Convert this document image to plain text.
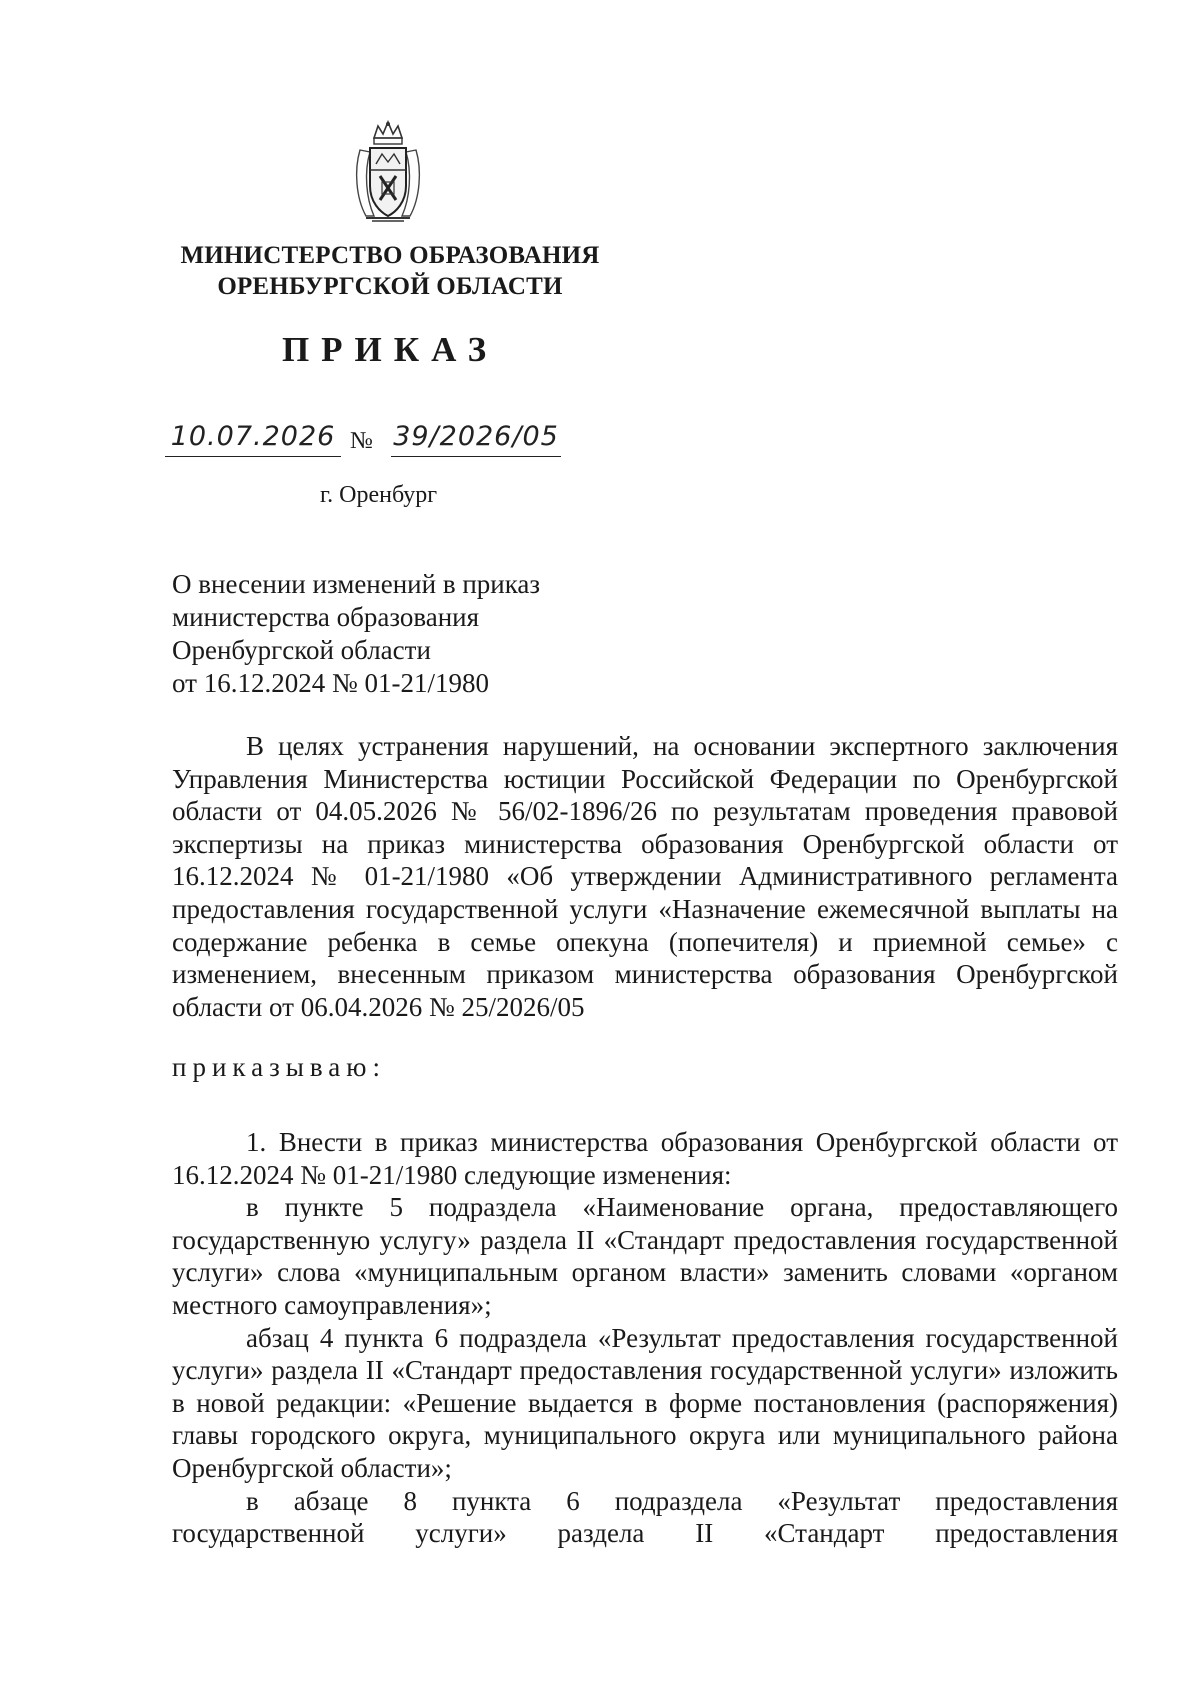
МИНИСТЕРСТВО ОБРАЗОВАНИЯ
ОРЕНБУРГСКОЙ ОБЛАСТИ
ПРИКАЗ
10.07.2026 № 39/2026/05
г. Оренбург
О внесении изменений в приказ
министерства образования
Оренбургской области
от 16.12.2024 № 01-21/1980

В целях устранения нарушений, на основании экспертного заключения Управления Министерства юстиции Российской Федерации по Оренбургской области от 04.05.2026 № 56/02-1896/26 по результатам проведения правовой экспертизы на приказ министерства образования Оренбургской области от 16.12.2024 № 01-21/1980 «Об утверждении Административного регламента предоставления государственной услуги «Назначение ежемесячной выплаты на содержание ребенка в семье опекуна (попечителя) и приемной семье» с изменением, внесенным приказом министерства образования Оренбургской области от 06.04.2026 № 25/2026/05

приказываю:

1. Внести в приказ министерства образования Оренбургской области от 16.12.2024 № 01-21/1980 следующие изменения:

в пункте 5 подраздела «Наименование органа, предоставляющего государственную услугу» раздела II «Стандарт предоставления государственной услуги» слова «муниципальным органом власти» заменить словами «органом местного самоуправления»;

абзац 4 пункта 6 подраздела «Результат предоставления государственной услуги» раздела II «Стандарт предоставления государственной услуги» изложить в новой редакции: «Решение выдается в форме постановления (распоряжения) главы городского округа, муниципального округа или муниципального района Оренбургской области»;

в абзаце 8 пункта 6 подраздела «Результат предоставления государственной услуги» раздела II «Стандарт предоставления
